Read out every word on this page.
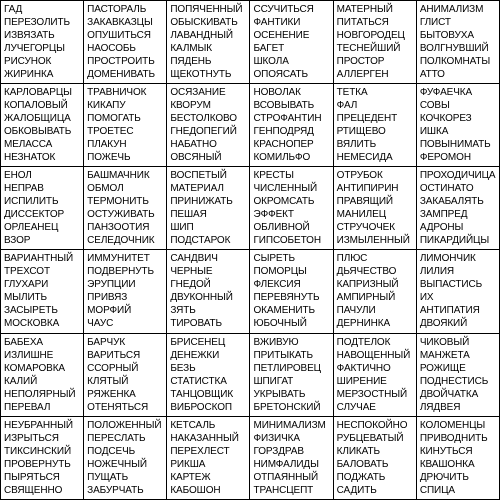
ГАД
ПЕРЕЗОЛИТЬ
ИЗВЯЗАТЬ
ЛУЧЕГОРЦЫ
РИСУНОК
ЖИРИНКА
ПАСТОРАЛЬ
ЗАКАВКАЗЦЫ
ОПУШИТЬСЯ
НАОСОБЬ
ПРОСТРОИТЬ
ДОМЕНИВАТЬ
ПОПЯЧЕННЫЙ
ОБЫСКИВАТЬ
ЛАВАНДНЫЙ
КАЛМЫК
ПЯДЕНЬ
ЩЕКОТНУТЬ
ССУЧИТЬСЯ
ФАНТИКИ
ОСЕНЕНИЕ
БАГЕТ
ШКОЛА
ОПОЯСАТЬ
МАТЕРНЫЙ
ПИТАТЬСЯ
НОВГОРОДЕЦ
ТЕСНЕЙШИЙ
ПРОСТОР
АЛЛЕРГЕН
АНИМАЛИЗМ
ГЛИСТ
БЫТОВУХА
ВОЛГНУВШИЙ
ПОЛКОМНАТЫ
АТТО
КАРЛОВАРЦЫ
КОПАЛОВЫЙ
ЖАЛОБЩИЦА
ОБКОВЫВАТЬ
МЕЛАССА
НЕЗНАТОК
ТРАВНИЧОК
КИКАПУ
ПОМОГАТЬ
ТРОЕТЕС
ПЛАКУН
ПОЖЕЧЬ
ОСЯЗАНИЕ
КВОРУМ
БЕСТОЛКОВО
ГНЕДОПЕГИЙ
НАБАТНО
ОВСЯНЫЙ
НОВОЛАК
ВСОВЫВАТЬ
СТРОФАНТИН
ГЕНПОДРЯД
КРАСНОПЕР
КОМИЛЬФО
ТЕТКА
ФАЛ
ПРЕЦЕДЕНТ
РТИЩЕВО
ВЯЛИТЬ
НЕМЕСИДА
ФУФАЕЧКА
СОВЫ
КОЧКОРЕЗ
ИШКА
ПОВЫНИМАТЬ
ФЕРОМОН
ЕНОЛ
НЕПРАВ
ИСПИЛИТЬ
ДИССЕКТОР
ОРЛЕАНЕЦ
ВЗОР
БАШМАЧНИК
ОБМОЛ
ТЕРМОНИТЬ
ОСТУЖИВАТЬ
ПАНЗООТИЯ
СЕЛЕДОЧНИК
ВОСПЕТЫЙ
МАТЕРИАЛ
ПРИНИЖАТЬ
ПЕШАЯ
ШИП
ПОДСТАРОК
КРЕСТЫ
ЧИСЛЕННЫЙ
ОКРОМСАТЬ
ЭФФЕКТ
ОБЛИВНОЙ
ГИПСОБЕТОН
ОТРУБОК
АНТИПИРИН
ПРАВЯЩИЙ
МАНИЛЕЦ
СТРУЧОЧЕК
ИЗМЫЛЕННЫЙ
ПРОХОДИЧИЦА
ОСТИНАТО
ЗАКАБАЛЯТЬ
ЗАМПРЕД
АДРОНЫ
ПИКАРДИЙЦЫ
ВАРИАНТНЫЙ
ТРЕХСОТ
ГЛУХАРИ
МЫЛИТЬ
ЗАСЫРЕТЬ
МОСКОВКА
ИММУНИТЕТ
ПОДВЕРНУТЬ
ЭРУПЦИИ
ПРИВЯЗ
МОРФИЙ
ЧАУС
САНДВИЧ
ЧЕРНЫЕ
ГНЕДОЙ
ДВУКОННЫЙ
ЗЯТЬ
ТИРОВАТЬ
СЫРЕТЬ
ПОМОРЦЫ
ФЛЕКСИЯ
ПЕРЕВЯНУТЬ
ОКАМЕНИТЬ
ЮБОЧНЫЙ
ПЛЮС
ДЬЯЧЕСТВО
КАПРИЗНЫЙ
АМПИРНЫЙ
ПАЧУЛИ
ДЕРНИНКА
ЛИМОНЧИК
ЛИЛИЯ
ВЫПАСТИСЬ
ИХ
АНТИПАТИЯ
ДВОЯКИЙ
БАБЕХА
ИЗЛИШНЕ
КОМАРОВКА
КАЛИЙ
НЕПОЛЯРНЫЙ
ПЕРЕВАЛ
БАРЧУК
ВАРИТЬСЯ
ССОРНЫЙ
КЛЯТЫЙ
РЯЖЕНКА
ОТЕНЯТЬСЯ
БРИСЕНЕЦ
ДЕНЕЖКИ
БЕЗЬ
СТАТИСТКА
ТАНЦОВЩИК
ВИБРОСКОП
ВЖИВУЮ
ПРИТЫКАТЬ
ПЕТЛИРОВЕЦ
ШПИГАТ
УКРЫВАТЬ
БРЕТОНСКИЙ
ПОДТЕЛОК
НАВОЩЕННЫЙ
ФАКТИЧНО
ШИРЕНИЕ
МЕРЗОСТНЫЙ
СЛУЧАЕ
ЧИКОВЫЙ
МАНЖЕТА
РОЖИЩЕ
ПОДНЕСТИСЬ
ДВОЙЧАТКА
ЛЯДВЕЯ
НЕУБРАННЫЙ
ИЗРЫТЬСЯ
ТИКСИНСКИЙ
ПРОВЕРНУТЬ
ПЫРЯТЬСЯ
СВЯЩЕННО
ПОЛОЖЕННЫЙ
ПЕРЕСЛАТЬ
ПОДСЕЧЬ
НОЖЕЧНЫЙ
ПУЩАТЬ
ЗАБУРЧАТЬ
КЕТСАЛЬ
НАКАЗАННЫЙ
ПЕРЕХЛЕСТ
РИКША
КАРТЕЖ
КАБОШОН
МИНИМАЛИЗМ
ФИЗИЧКА
ГОРЗДРАВ
НИМФАЛИДЫ
ОТПАЯННЫЙ
ТРАНСЦЕПТ
НЕСПОКОЙНО
РУБЦЕВАТЫЙ
КЛИКАТЬ
БАЛОВАТЬ
ПОДЖАТЬ
САДИТЬ
КОЛОМЕНЦЫ
ПРИВОДНИТЬ
КИНУТЬСЯ
КВАШОНКА
ДРЮЧИТЬ
СПИЦА
